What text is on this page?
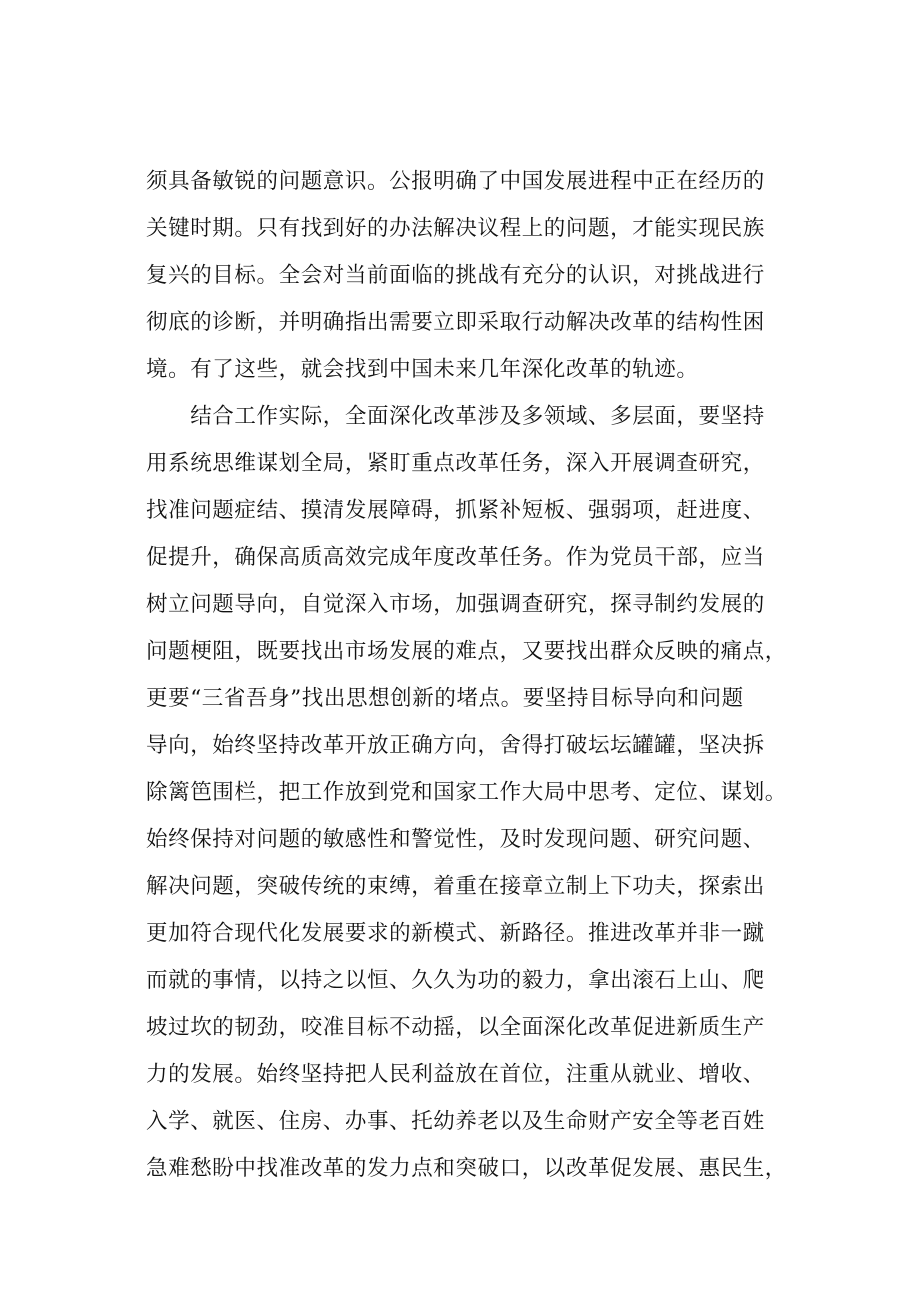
须具备敏锐的问题意识。公报明确了中国发展进程中正在经历的
关键时期。只有找到好的办法解决议程上的问题，才能实现民族
复兴的目标。全会对当前面临的挑战有充分的认识，对挑战进行
彻底的诊断，并明确指出需要立即采取行动解决改革的结构性困
境。有了这些，就会找到中国未来几年深化改革的轨迹。
　　结合工作实际，全面深化改革涉及多领域、多层面，要坚持
用系统思维谋划全局，紧盯重点改革任务，深入开展调查研究，
找准问题症结、摸清发展障碍，抓紧补短板、强弱项，赶进度、
促提升，确保高质高效完成年度改革任务。作为党员干部，应当
树立问题导向，自觉深入市场，加强调查研究，探寻制约发展的
问题梗阻，既要找出市场发展的难点，又要找出群众反映的痛点，
更要“三省吾身”找出思想创新的堵点。要坚持目标导向和问题
导向，始终坚持改革开放正确方向，舍得打破坛坛罐罐，坚决拆
除篱笆围栏，把工作放到党和国家工作大局中思考、定位、谋划。
始终保持对问题的敏感性和警觉性，及时发现问题、研究问题、
解决问题，突破传统的束缚，着重在接章立制上下功夫，探索出
更加符合现代化发展要求的新模式、新路径。推进改革并非一蹴
而就的事情，以持之以恒、久久为功的毅力，拿出滚石上山、爬
坡过坎的韧劲，咬准目标不动摇，以全面深化改革促进新质生产
力的发展。始终坚持把人民利益放在首位，注重从就业、增收、
入学、就医、住房、办事、托幼养老以及生命财产安全等老百姓
急难愁盼中找准改革的发力点和突破口，以改革促发展、惠民生，
